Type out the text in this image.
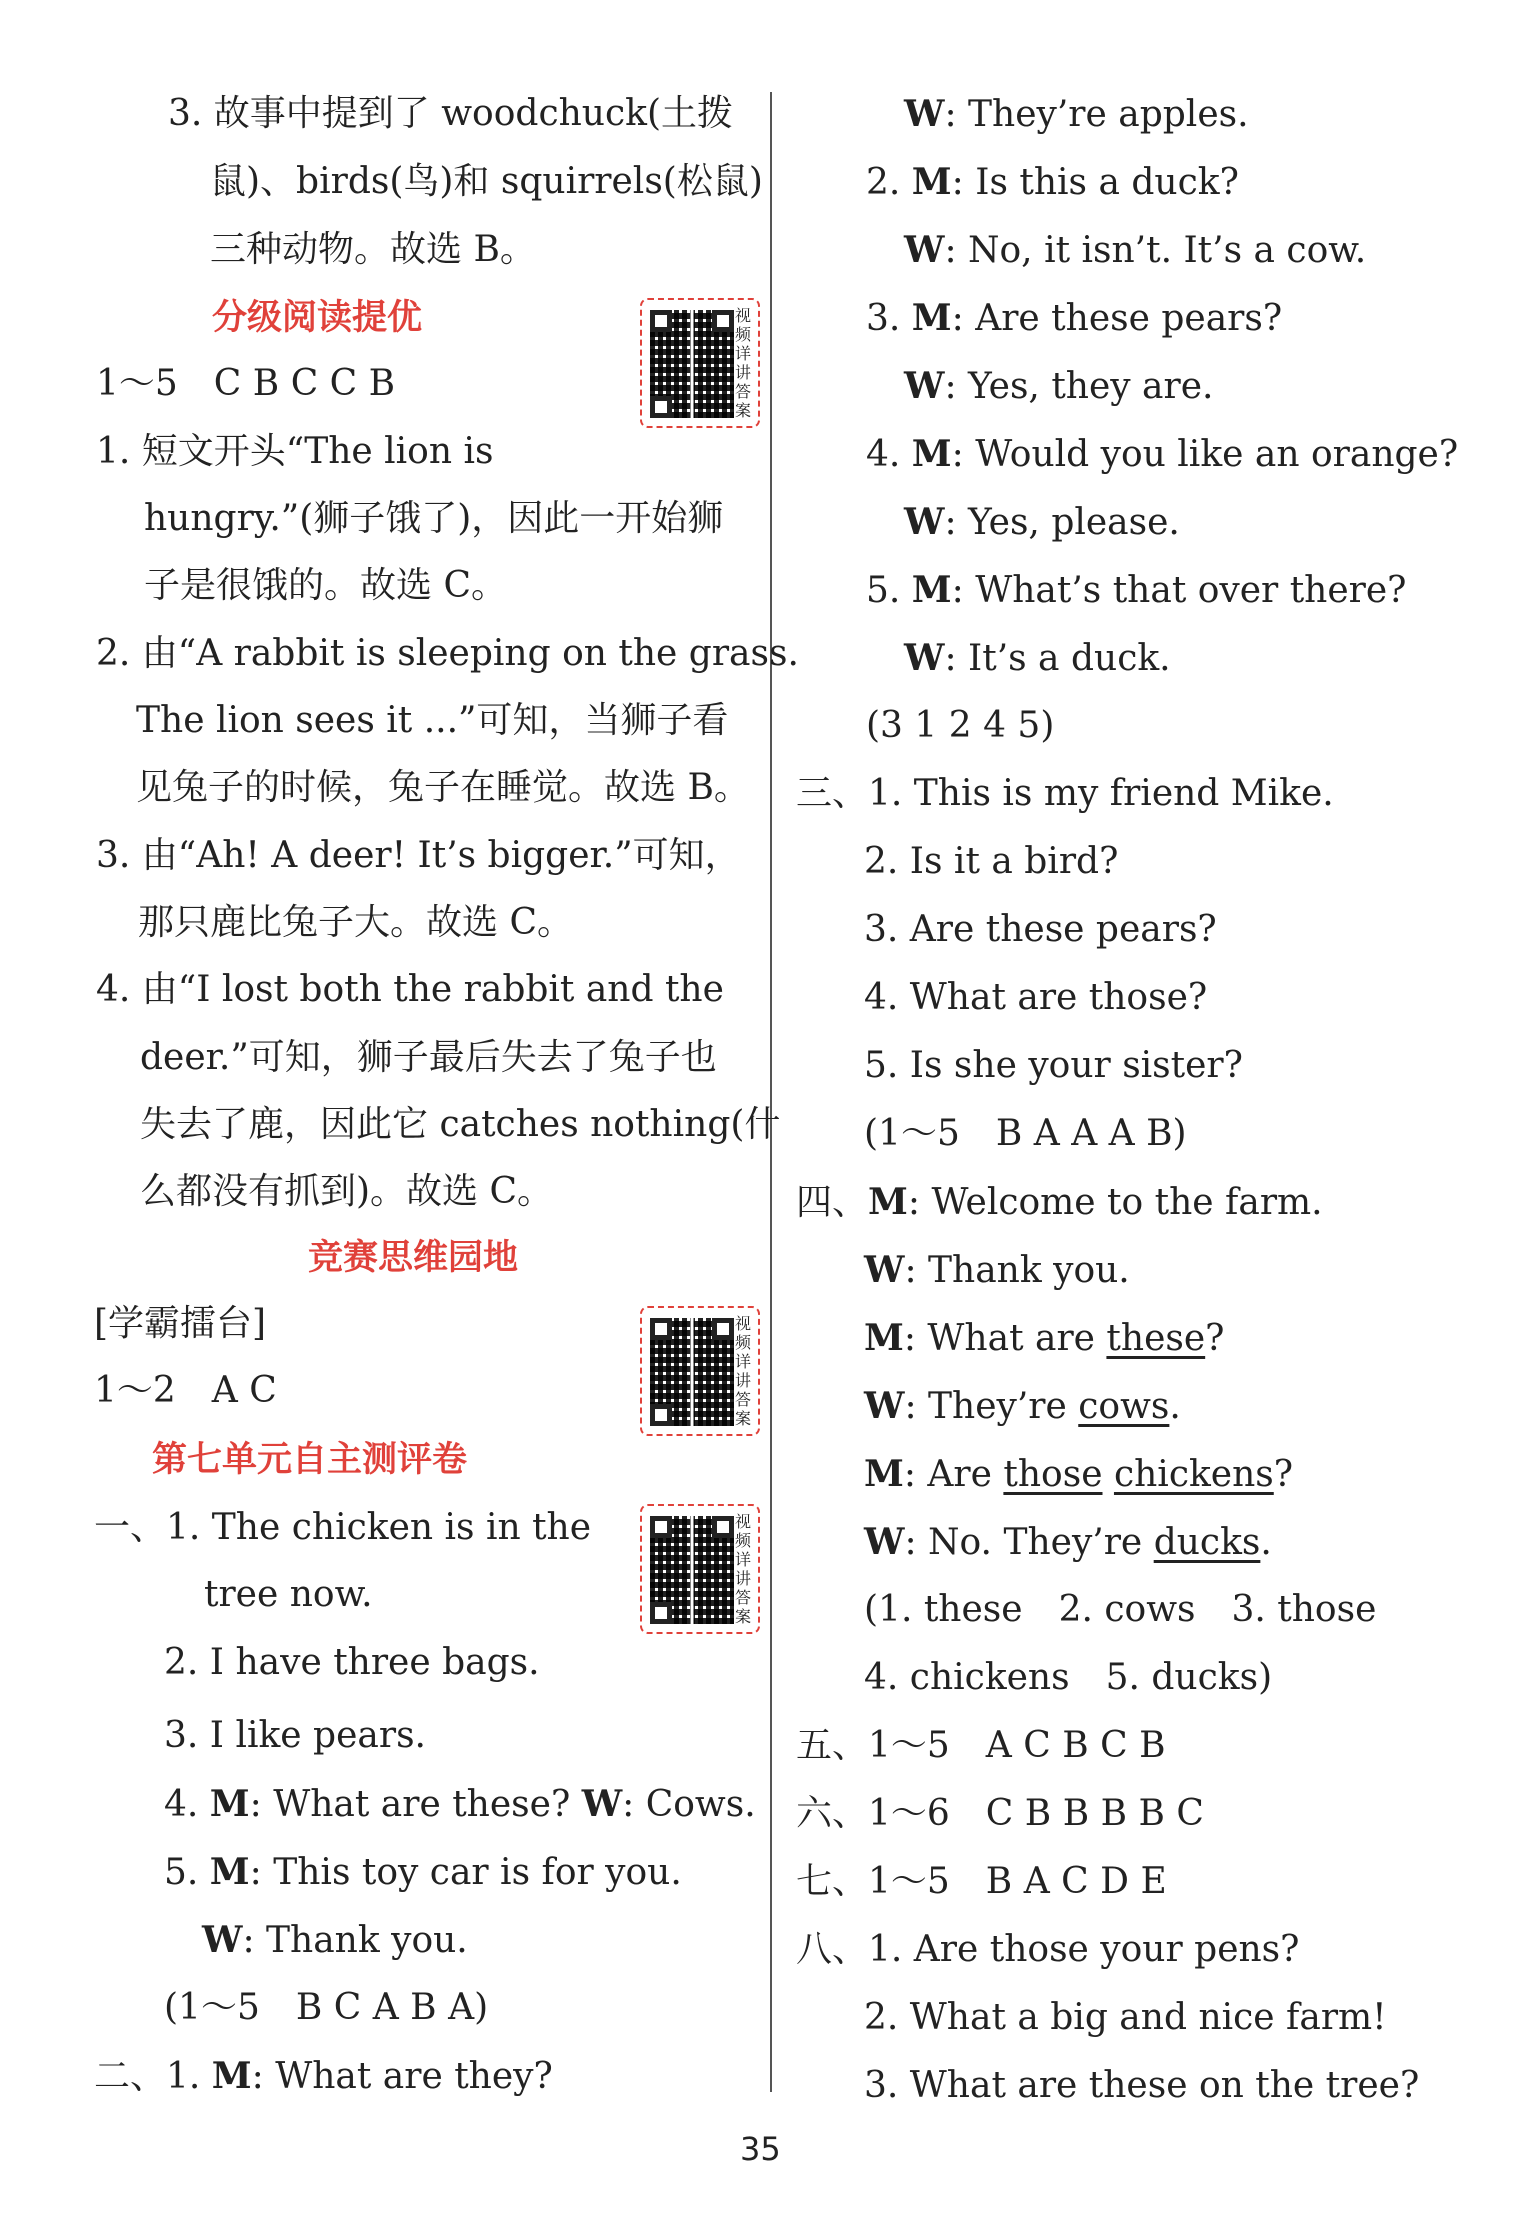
3. 故事中提到了 woodchuck(土拨
鼠)、birds(鸟)和 squirrels(松鼠)
三种动物。故选 B。
分级阅读提优	视频详讲答案
1～5　C B C C B
1. 短文开头“The lion is
hungry.”(狮子饿了)，因此一开始狮
子是很饿的。故选 C。
2. 由“A rabbit is sleeping on the grass.
The lion sees it ...”可知，当狮子看
见兔子的时候，兔子在睡觉。故选 B。
3. 由“Ah! A deer! It’s bigger.”可知，
那只鹿比兔子大。故选 C。
4. 由“I lost both the rabbit and the
deer.”可知，狮子最后失去了兔子也
失去了鹿，因此它 catches nothing(什
么都没有抓到)。故选 C。
竞赛思维园地
[学霸擂台]	视频详讲答案
1～2　A C
第七单元自主测评卷
视频详讲答案
一、1. The chicken is in the
tree now.
2. I have three bags.
3. I like pears.
4. M: What are these? W: Cows.
5. M: This toy car is for you.
W: Thank you.
(1～5　B C A B A)
二、1. M: What are they?
W: They’re apples.
2. M: Is this a duck?
W: No, it isn’t. It’s a cow.
3. M: Are these pears?
W: Yes, they are.
4. M: Would you like an orange?
W: Yes, please.
5. M: What’s that over there?
W: It’s a duck.
(3 1 2 4 5)
三、1. This is my friend Mike.
2. Is it a bird?
3. Are these pears?
4. What are those?
5. Is she your sister?
(1～5　B A A A B)
四、M: Welcome to the farm.
W: Thank you.
M: What are these?
W: They’re cows.
M: Are those chickens?
W: No. They’re ducks.
(1. these　2. cows　3. those
4. chickens　5. ducks)
五、1～5　A C B C B
六、1～6　C B B B B C
七、1～5　B A C D E
八、1. Are those your pens?
2. What a big and nice farm!
3. What are these on the tree?
35
